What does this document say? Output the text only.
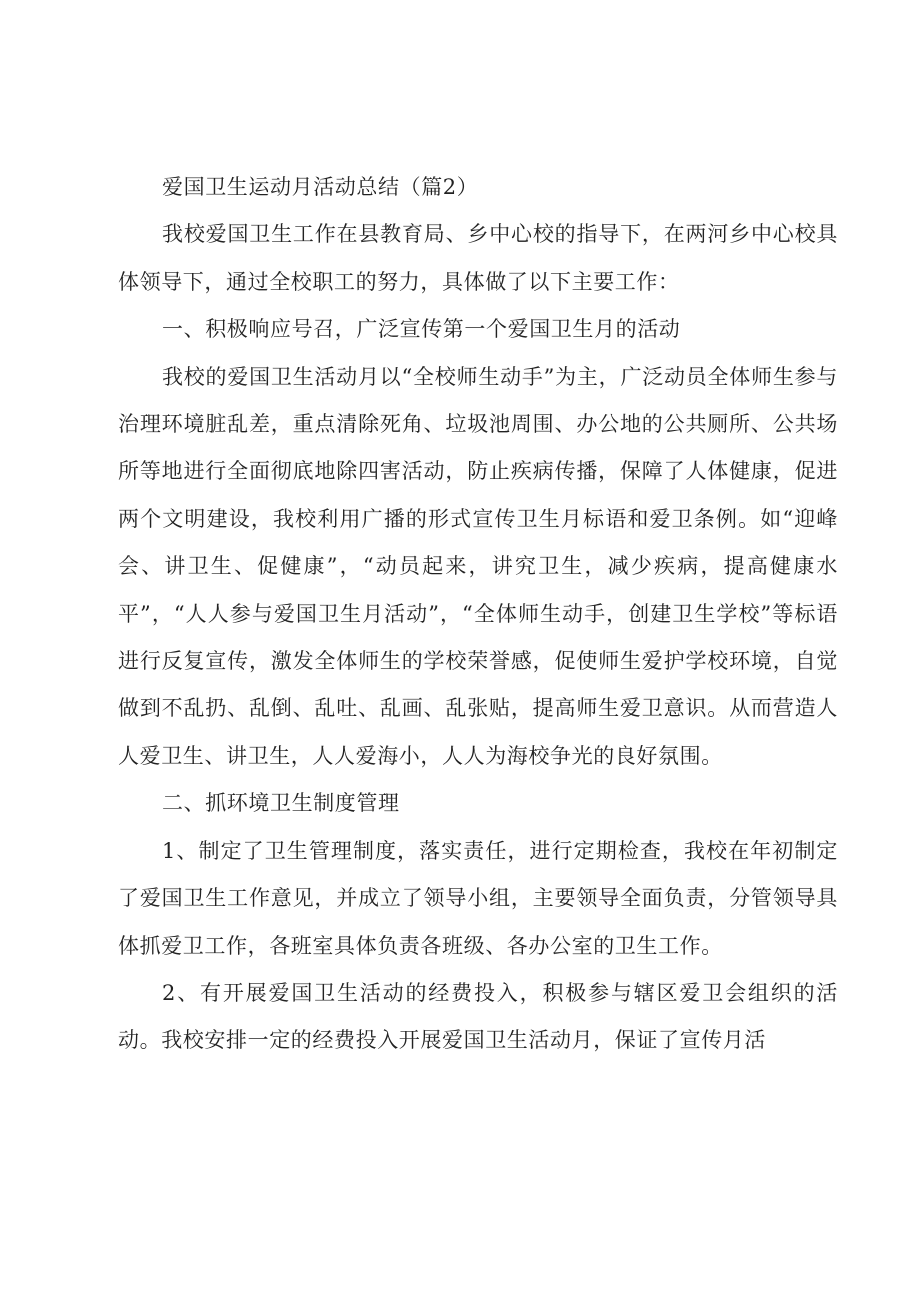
爱国卫生运动月活动总结（篇2）

我校爱国卫生工作在县教育局、乡中心校的指导下，在两河乡中心校具体领导下，通过全校职工的努力，具体做了以下主要工作：

一、积极响应号召，广泛宣传第一个爱国卫生月的活动

我校的爱国卫生活动月以“全校师生动手”为主，广泛动员全体师生参与治理环境脏乱差，重点清除死角、垃圾池周围、办公地的公共厕所、公共场所等地进行全面彻底地除四害活动，防止疾病传播，保障了人体健康，促进两个文明建设，我校利用广播的形式宣传卫生月标语和爱卫条例。如“迎峰会、讲卫生、促健康”，“动员起来，讲究卫生，减少疾病，提高健康水平”，“人人参与爱国卫生月活动”，“全体师生动手，创建卫生学校”等标语进行反复宣传，激发全体师生的学校荣誉感，促使师生爱护学校环境，自觉做到不乱扔、乱倒、乱吐、乱画、乱张贴，提高师生爱卫意识。从而营造人人爱卫生、讲卫生，人人爱海小，人人为海校争光的良好氛围。

二、抓环境卫生制度管理

1、制定了卫生管理制度，落实责任，进行定期检查，我校在年初制定了爱国卫生工作意见，并成立了领导小组，主要领导全面负责，分管领导具体抓爱卫工作，各班室具体负责各班级、各办公室的卫生工作。

2、有开展爱国卫生活动的经费投入，积极参与辖区爱卫会组织的活动。我校安排一定的经费投入开展爱国卫生活动月，保证了宣传月活
